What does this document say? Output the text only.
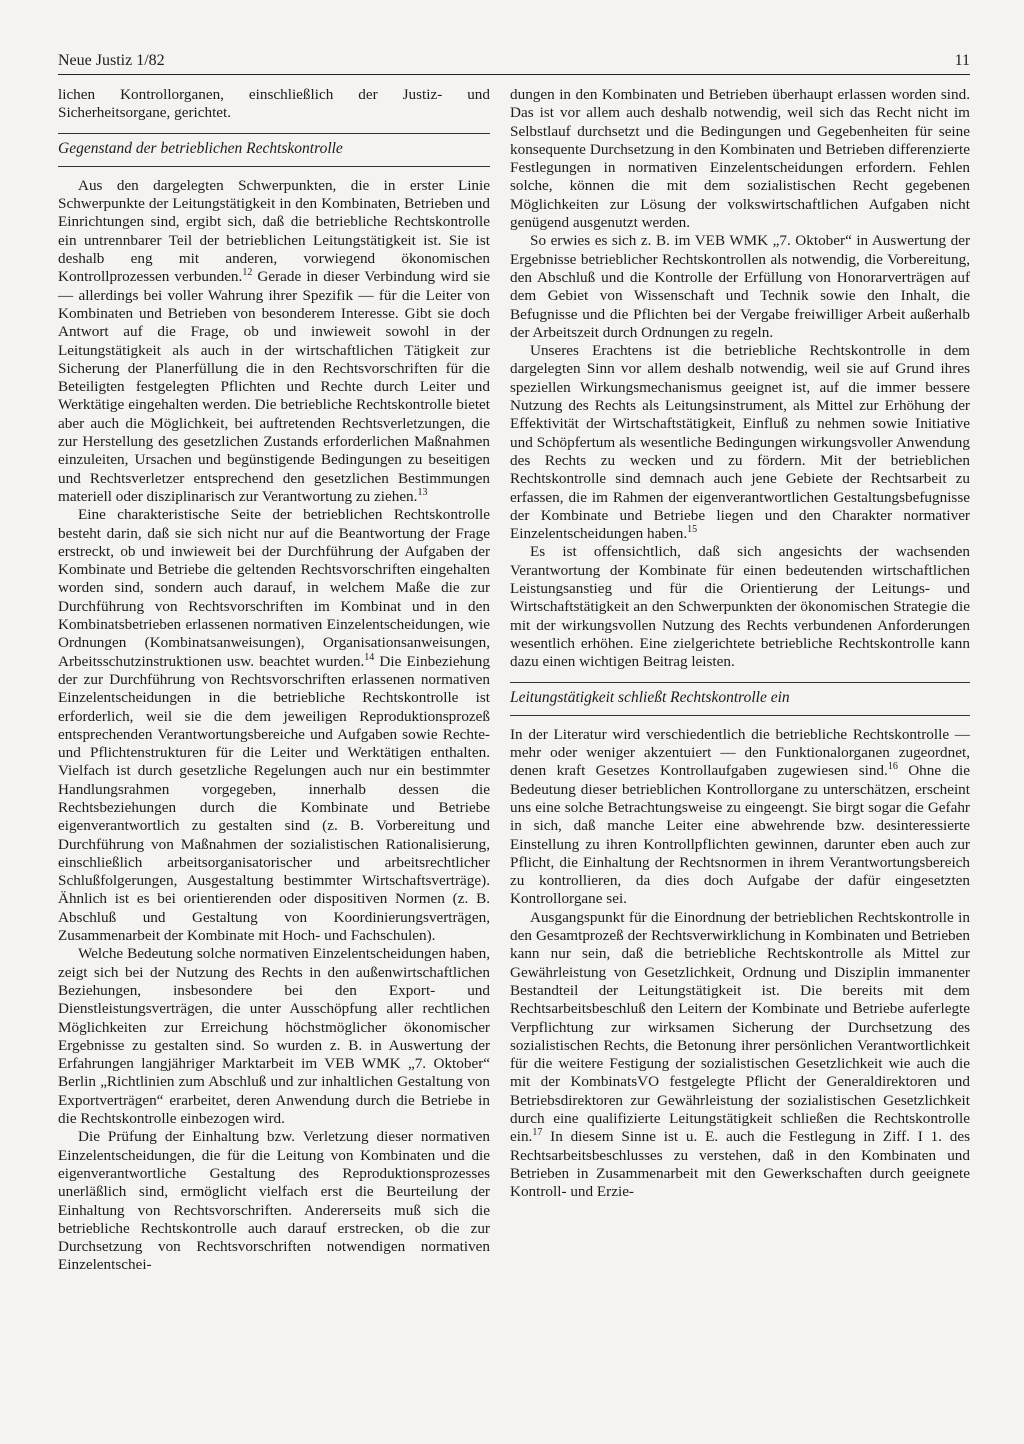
Neue Justiz 1/82	11

lichen Kontrollorganen, einschließlich der Justiz- und Sicherheitsorgane, gerichtet.

Gegenstand der betrieblichen Rechtskontrolle

Aus den dargelegten Schwerpunkten, die in erster Linie Schwerpunkte der Leitungstätigkeit in den Kombinaten, Betrieben und Einrichtungen sind, ergibt sich, daß die betriebliche Rechtskontrolle ein untrennbarer Teil der betrieblichen Leitungstätigkeit ist. Sie ist deshalb eng mit anderen, vorwiegend ökonomischen Kontrollprozessen verbunden.$^{12}$ Gerade in dieser Verbindung wird sie — allerdings bei voller Wahrung ihrer Spezifik — für die Leiter von Kombinaten und Betrieben von besonderem Interesse. Gibt sie doch Antwort auf die Frage, ob und inwieweit sowohl in der Leitungstätigkeit als auch in der wirtschaftlichen Tätigkeit zur Sicherung der Planerfüllung die in den Rechtsvorschriften für die Beteiligten festgelegten Pflichten und Rechte durch Leiter und Werktätige eingehalten werden. Die betriebliche Rechtskontrolle bietet aber auch die Möglichkeit, bei auftretenden Rechtsverletzungen, die zur Herstellung des gesetzlichen Zustands erforderlichen Maßnahmen einzuleiten, Ursachen und begünstigende Bedingungen zu beseitigen und Rechtsverletzer entsprechend den gesetzlichen Bestimmungen materiell oder disziplinarisch zur Verantwortung zu ziehen.$^{13}$

Eine charakteristische Seite der betrieblichen Rechtskontrolle besteht darin, daß sie sich nicht nur auf die Beantwortung der Frage erstreckt, ob und inwieweit bei der Durchführung der Aufgaben der Kombinate und Betriebe die geltenden Rechtsvorschriften eingehalten worden sind, sondern auch darauf, in welchem Maße die zur Durchführung von Rechtsvorschriften im Kombinat und in den Kombinatsbetrieben erlassenen normativen Einzelentscheidungen, wie Ordnungen (Kombinatsanweisungen), Organisationsanweisungen, Arbeitsschutzinstruktionen usw. beachtet wurden.$^{14}$ Die Einbeziehung der zur Durchführung von Rechtsvorschriften erlassenen normativen Einzelentscheidungen in die betriebliche Rechtskontrolle ist erforderlich, weil sie die dem jeweiligen Reproduktionsprozeß entsprechenden Verantwortungsbereiche und Aufgaben sowie Rechte- und Pflichtenstrukturen für die Leiter und Werktätigen enthalten. Vielfach ist durch gesetzliche Regelungen auch nur ein bestimmter Handlungsrahmen vorgegeben, innerhalb dessen die Rechtsbeziehungen durch die Kombinate und Betriebe eigenverantwortlich zu gestalten sind (z. B. Vorbereitung und Durchführung von Maßnahmen der sozialistischen Rationalisierung, einschließlich arbeitsorganisatorischer und arbeitsrechtlicher Schlußfolgerungen, Ausgestaltung bestimmter Wirtschaftsverträge). Ähnlich ist es bei orientierenden oder dispositiven Normen (z. B. Abschluß und Gestaltung von Koordinierungsverträgen, Zusammenarbeit der Kombinate mit Hoch- und Fachschulen).

Welche Bedeutung solche normativen Einzelentscheidungen haben, zeigt sich bei der Nutzung des Rechts in den außenwirtschaftlichen Beziehungen, insbesondere bei den Export- und Dienstleistungsverträgen, die unter Ausschöpfung aller rechtlichen Möglichkeiten zur Erreichung höchstmöglicher ökonomischer Ergebnisse zu gestalten sind. So wurden z. B. in Auswertung der Erfahrungen langjähriger Marktarbeit im VEB WMK „7. Oktober“ Berlin „Richtlinien zum Abschluß und zur inhaltlichen Gestaltung von Exportverträgen“ erarbeitet, deren Anwendung durch die Betriebe in die Rechtskontrolle einbezogen wird.

Die Prüfung der Einhaltung bzw. Verletzung dieser normativen Einzelentscheidungen, die für die Leitung von Kombinaten und die eigenverantwortliche Gestaltung des Reproduktionsprozesses unerläßlich sind, ermöglicht vielfach erst die Beurteilung der Einhaltung von Rechtsvorschriften. Andererseits muß sich die betriebliche Rechtskontrolle auch darauf erstrecken, ob die zur Durchsetzung von Rechtsvorschriften notwendigen normativen Einzelentschei-

dungen in den Kombinaten und Betrieben überhaupt erlassen worden sind. Das ist vor allem auch deshalb notwendig, weil sich das Recht nicht im Selbstlauf durchsetzt und die Bedingungen und Gegebenheiten für seine konsequente Durchsetzung in den Kombinaten und Betrieben differenzierte Festlegungen in normativen Einzelentscheidungen erfordern. Fehlen solche, können die mit dem sozialistischen Recht gegebenen Möglichkeiten zur Lösung der volkswirtschaftlichen Aufgaben nicht genügend ausgenutzt werden.

So erwies es sich z. B. im VEB WMK „7. Oktober“ in Auswertung der Ergebnisse betrieblicher Rechtskontrollen als notwendig, die Vorbereitung, den Abschluß und die Kontrolle der Erfüllung von Honorarverträgen auf dem Gebiet von Wissenschaft und Technik sowie den Inhalt, die Befugnisse und die Pflichten bei der Vergabe freiwilliger Arbeit außerhalb der Arbeitszeit durch Ordnungen zu regeln.

Unseres Erachtens ist die betriebliche Rechtskontrolle in dem dargelegten Sinn vor allem deshalb notwendig, weil sie auf Grund ihres speziellen Wirkungsmechanismus geeignet ist, auf die immer bessere Nutzung des Rechts als Leitungsinstrument, als Mittel zur Erhöhung der Effektivität der Wirtschaftstätigkeit, Einfluß zu nehmen sowie Initiative und Schöpfertum als wesentliche Bedingungen wirkungsvoller Anwendung des Rechts zu wecken und zu fördern. Mit der betrieblichen Rechtskontrolle sind demnach auch jene Gebiete der Rechtsarbeit zu erfassen, die im Rahmen der eigenverantwortlichen Gestaltungsbefugnisse der Kombinate und Betriebe liegen und den Charakter normativer Einzelentscheidungen haben.$^{15}$

Es ist offensichtlich, daß sich angesichts der wachsenden Verantwortung der Kombinate für einen bedeutenden wirtschaftlichen Leistungsanstieg und für die Orientierung der Leitungs- und Wirtschaftstätigkeit an den Schwerpunkten der ökonomischen Strategie die mit der wirkungsvollen Nutzung des Rechts verbundenen Anforderungen wesentlich erhöhen. Eine zielgerichtete betriebliche Rechtskontrolle kann dazu einen wichtigen Beitrag leisten.

Leitungstätigkeit schließt Rechtskontrolle ein

In der Literatur wird verschiedentlich die betriebliche Rechtskontrolle — mehr oder weniger akzentuiert — den Funktionalorganen zugeordnet, denen kraft Gesetzes Kontrollaufgaben zugewiesen sind.$^{16}$ Ohne die Bedeutung dieser betrieblichen Kontrollorgane zu unterschätzen, erscheint uns eine solche Betrachtungsweise zu eingeengt. Sie birgt sogar die Gefahr in sich, daß manche Leiter eine abwehrende bzw. desinteressierte Einstellung zu ihren Kontrollpflichten gewinnen, darunter eben auch zur Pflicht, die Einhaltung der Rechtsnormen in ihrem Verantwortungsbereich zu kontrollieren, da dies doch Aufgabe der dafür eingesetzten Kontrollorgane sei.

Ausgangspunkt für die Einordnung der betrieblichen Rechtskontrolle in den Gesamtprozeß der Rechtsverwirklichung in Kombinaten und Betrieben kann nur sein, daß die betriebliche Rechtskontrolle als Mittel zur Gewährleistung von Gesetzlichkeit, Ordnung und Disziplin immanenter Bestandteil der Leitungstätigkeit ist. Die bereits mit dem Rechtsarbeitsbeschluß den Leitern der Kombinate und Betriebe auferlegte Verpflichtung zur wirksamen Sicherung der Durchsetzung des sozialistischen Rechts, die Betonung ihrer persönlichen Verantwortlichkeit für die weitere Festigung der sozialistischen Gesetzlichkeit wie auch die mit der KombinatsVO festgelegte Pflicht der Generaldirektoren und Betriebsdirektoren zur Gewährleistung der sozialistischen Gesetzlichkeit durch eine qualifizierte Leitungstätigkeit schließen die Rechtskontrolle ein.$^{17}$ In diesem Sinne ist u. E. auch die Festlegung in Ziff. I 1. des Rechtsarbeitsbeschlusses zu verstehen, daß in den Kombinaten und Betrieben in Zusammenarbeit mit den Gewerkschaften durch geeignete Kontroll- und Erzie-
